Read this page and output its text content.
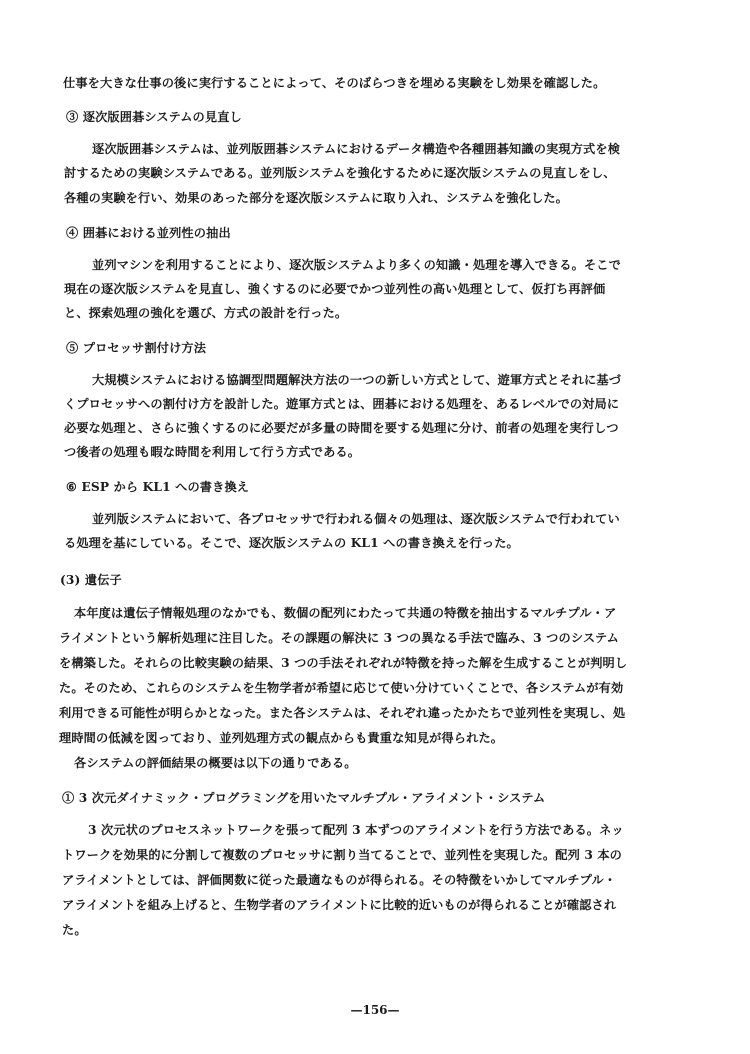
仕事を大きな仕事の後に実行することによって、そのばらつきを埋める実験をし効果を確認した。
③ 逐次版囲碁システムの見直し
逐次版囲碁システムは、並列版囲碁システムにおけるデータ構造や各種囲碁知識の実現方式を検
討するための実験システムである。並列版システムを強化するために逐次版システムの見直しをし、
各種の実験を行い、効果のあった部分を逐次版システムに取り入れ、システムを強化した。
④ 囲碁における並列性の抽出
並列マシンを利用することにより、逐次版システムより多くの知識・処理を導入できる。そこで
現在の逐次版システムを見直し、強くするのに必要でかつ並列性の高い処理として、仮打ち再評価
と、探索処理の強化を選び、方式の設計を行った。
⑤ プロセッサ割付け方法
大規模システムにおける協調型問題解決方法の一つの新しい方式として、遊軍方式とそれに基づ
くプロセッサへの割付け方を設計した。遊軍方式とは、囲碁における処理を、あるレベルでの対局に
必要な処理と、さらに強くするのに必要だが多量の時間を要する処理に分け、前者の処理を実行しつ
つ後者の処理も暇な時間を利用して行う方式である。
⑥ ESP から KL1 への書き換え
並列版システムにおいて、各プロセッサで行われる個々の処理は、逐次版システムで行われてい
る処理を基にしている。そこで、逐次版システムの KL1 への書き換えを行った。
(3) 遺伝子
本年度は遺伝子情報処理のなかでも、数個の配列にわたって共通の特徴を抽出するマルチプル・ア
ライメントという解析処理に注目した。その課題の解決に 3 つの異なる手法で臨み、3 つのシステム
を構築した。それらの比較実験の結果、3 つの手法それぞれが特徴を持った解を生成することが判明し
た。そのため、これらのシステムを生物学者が希望に応じて使い分けていくことで、各システムが有効
利用できる可能性が明らかとなった。また各システムは、それぞれ違ったかたちで並列性を実現し、処
理時間の低減を図っており、並列処理方式の観点からも貴重な知見が得られた。
各システムの評価結果の概要は以下の通りである。
① 3 次元ダイナミック・プログラミングを用いたマルチプル・アライメント・システム
3 次元状のプロセスネットワークを張って配列 3 本ずつのアライメントを行う方法である。ネッ
トワークを効果的に分割して複数のプロセッサに割り当てることで、並列性を実現した。配列 3 本の
アライメントとしては、評価関数に従った最適なものが得られる。その特徴をいかしてマルチプル・
アライメントを組み上げると、生物学者のアライメントに比較的近いものが得られることが確認され
た。
—156—
